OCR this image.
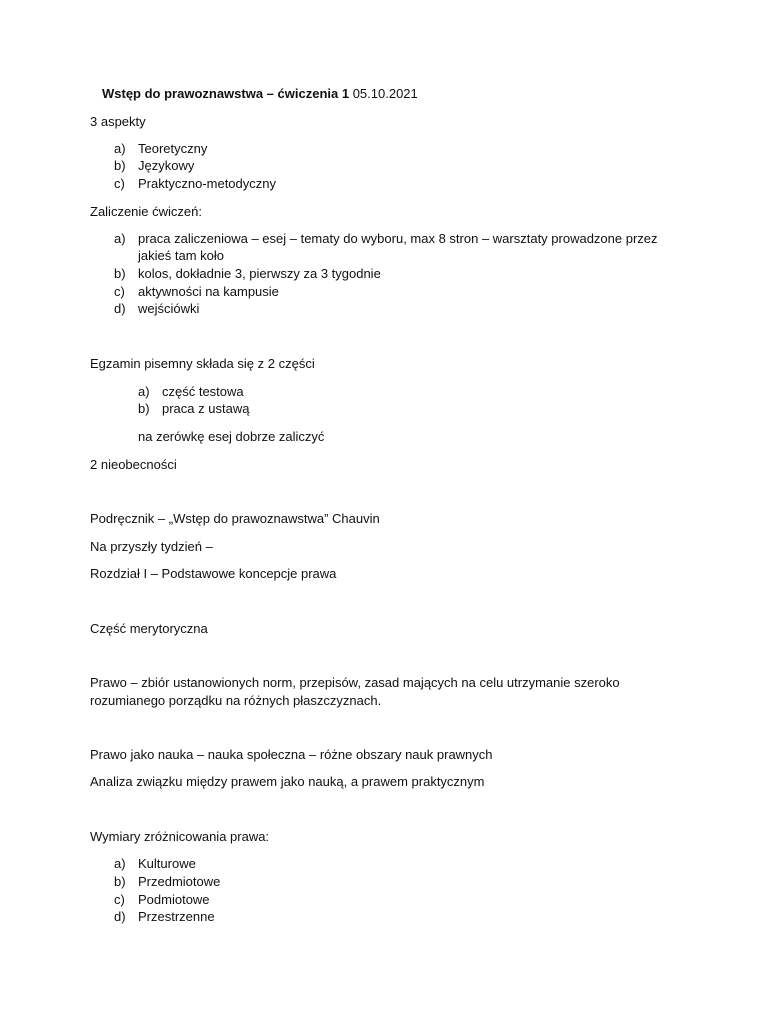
Wstęp do prawoznawstwa – ćwiczenia 1 05.10.2021
3 aspekty
a) Teoretyczny
b) Językowy
c) Praktyczno-metodyczny
Zaliczenie ćwiczeń:
a) praca zaliczeniowa – esej – tematy do wyboru, max 8 stron – warsztaty prowadzone przez
jakieś tam koło
b) kolos, dokładnie 3, pierwszy za 3 tygodnie
c) aktywności na kampusie
d) wejściówki
Egzamin pisemny składa się z 2 części
a) część testowa
b) praca z ustawą
na zerówkę esej dobrze zaliczyć
2 nieobecności
Podręcznik – „Wstęp do prawoznawstwa” Chauvin
Na przyszły tydzień –
Rozdział I – Podstawowe koncepcje prawa
Część merytoryczna
Prawo – zbiór ustanowionych norm, przepisów, zasad mających na celu utrzymanie szeroko
rozumianego porządku na różnych płaszczyznach.
Prawo jako nauka – nauka społeczna – różne obszary nauk prawnych
Analiza związku między prawem jako nauką, a prawem praktycznym
Wymiary zróżnicowania prawa:
a) Kulturowe
b) Przedmiotowe
c) Podmiotowe
d) Przestrzenne
